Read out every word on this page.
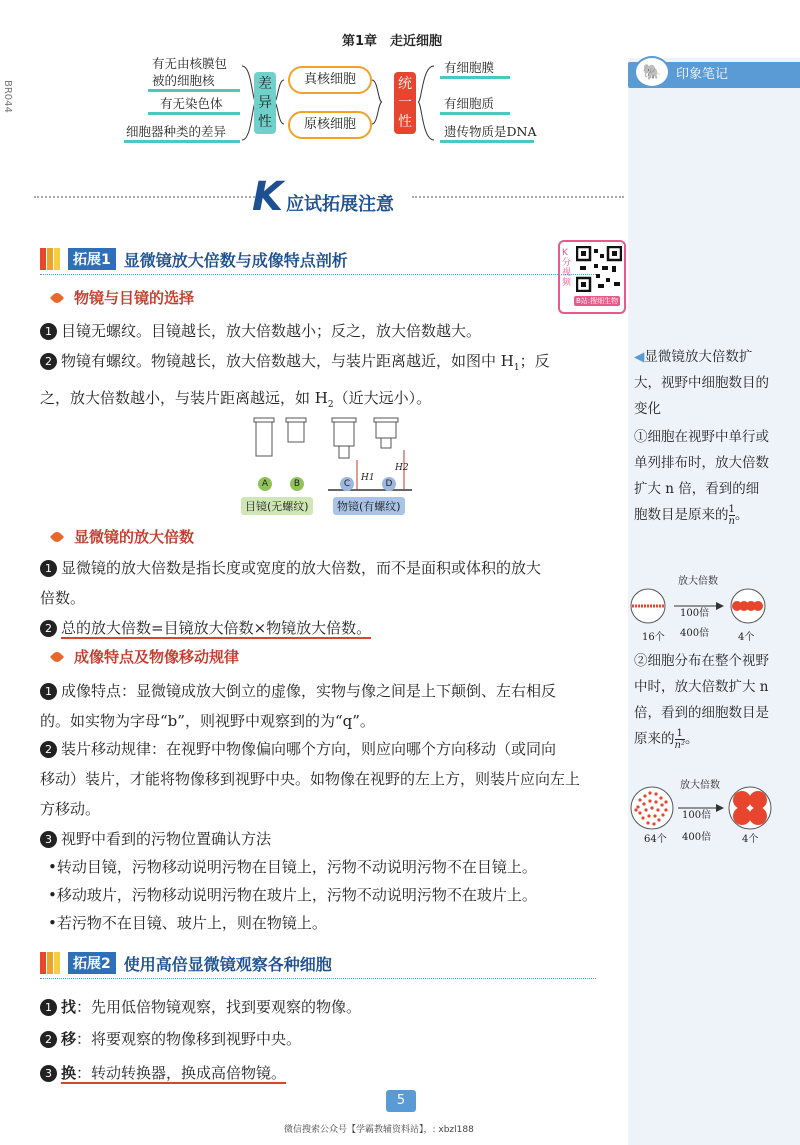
印象笔记
🐘
BR044
第1章　走近细胞
有无由核膜包
被的细胞核
有无染色体
细胞器种类的差异
差异性
真核细胞
原核细胞
统一性
有细胞膜
有细胞质
遗传物质是DNA
K 应试拓展注意
K分视频
B站:搜细生物
拓展1 显微镜放大倍数与成像特点剖析
物镜与目镜的选择
1 目镜无螺纹。目镜越长，放大倍数越小；反之，放大倍数越大。
2 物镜有螺纹。物镜越长，放大倍数越大，与装片距离越近，如图中 $H_1$；反
之，放大倍数越小，与装片距离越远，如 $H_2$（近大远小）。
H1
H2
A	B	C	D
目镜(无螺纹)	物镜(有螺纹)
显微镜的放大倍数
1 显微镜的放大倍数是指长度或宽度的放大倍数，而不是面积或体积的放大
倍数。
2 总的放大倍数=目镜放大倍数×物镜放大倍数。
成像特点及物像移动规律
1 成像特点：显微镜成放大倒立的虚像，实物与像之间是上下颠倒、左右相反
的。如实物为字母“b”，则视野中观察到的为“q”。
2 装片移动规律：在视野中物像偏向哪个方向，则应向哪个方向移动（或同向
移动）装片，才能将物像移到视野中央。如物像在视野的左上方，则装片应向左上
方移动。
3 视野中看到的污物位置确认方法
•转动目镜，污物移动说明污物在目镜上，污物不动说明污物不在目镜上。
•移动玻片，污物移动说明污物在玻片上，污物不动说明污物不在玻片上。
•若污物不在目镜、玻片上，则在物镜上。
拓展2 使用高倍显微镜观察各种细胞
1 找：先用低倍物镜观察，找到要观察的物像。
2 移：将要观察的物像移到视野中央。
3 换：转动转换器，换成高倍物镜。
◀显微镜放大倍数扩大，视野中细胞数目的变化
①细胞在视野中单行或单列排布时，放大倍数扩大 n 倍，看到的细胞数目是原来的 $\frac{1}{n}$ 。
放大倍数
100倍
400倍
16个	4个
②细胞分布在整个视野中时，放大倍数扩大 n 倍，看到的细胞数目是原来的 $\frac{1}{\text{n²}}$ 。
放大倍数
100倍
400倍
64个	4个
5
微信搜索公众号【学霸教辅资料站】，: xbzl188
